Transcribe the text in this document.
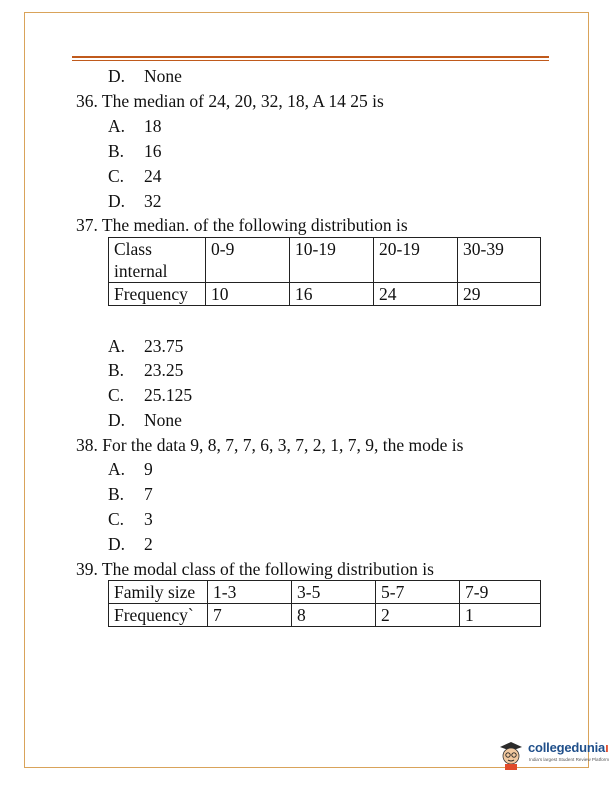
D. None
36. The median of 24, 20, 32, 18, A 14 25 is
A. 18
B. 16
C. 24
D. 32
37. The median. of the following distribution is
Class internal	0-9	10-19	20-19	30-39
Frequency	10	16	24	29
A. 23.75
B. 23.25
C. 25.125
D. None
38. For the data 9, 8, 7, 7, 6, 3, 7, 2, 1, 7, 9, the mode is
A. 9
B. 7
C. 3
D. 2
39. The modal class of the following distribution is
Family size	1-3	3-5	5-7	7-9
Frequency`	7	8	2	1
collegeduniaı
India's largest Student Review Platform
